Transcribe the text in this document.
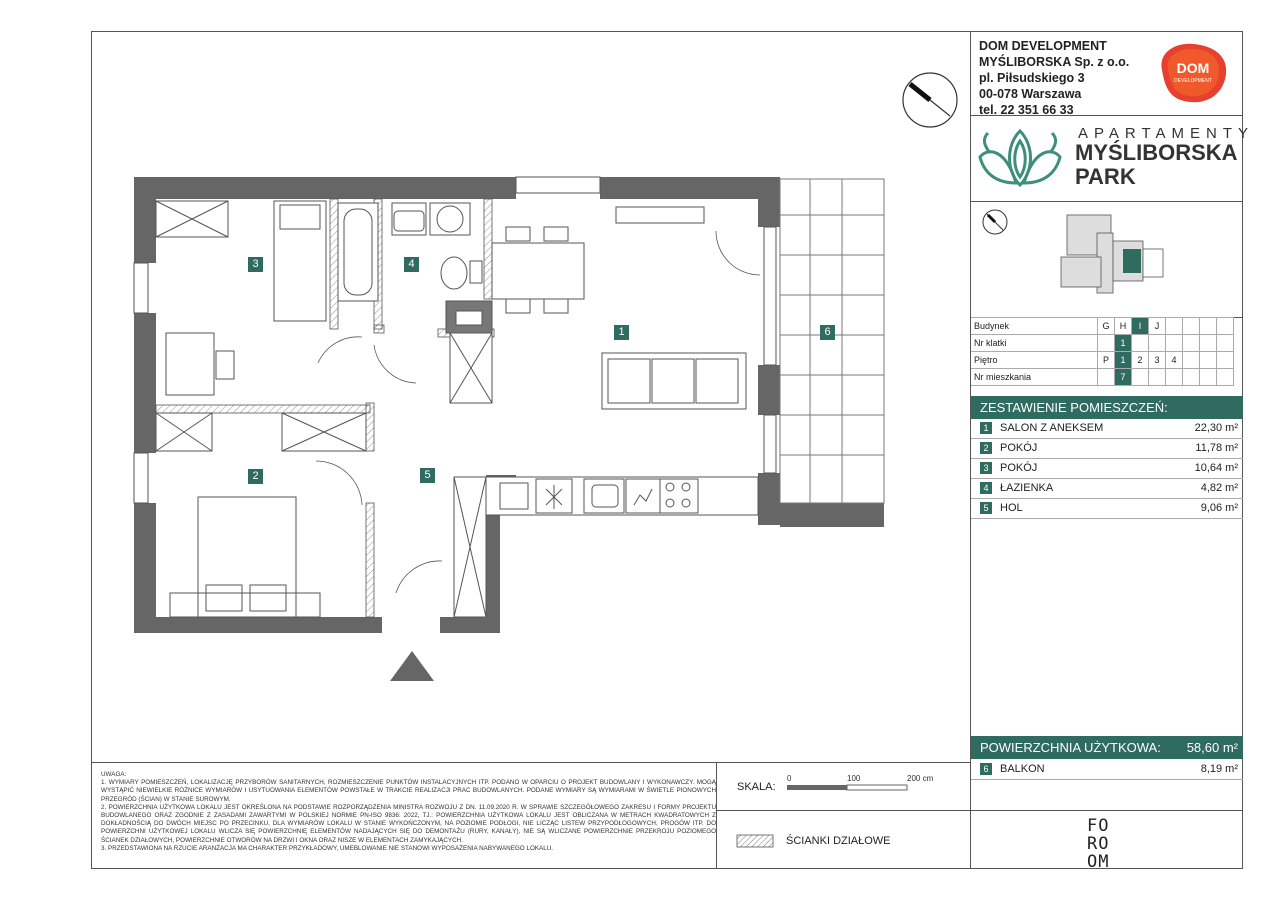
DOM DEVELOPMENT
MYŚLIBORSKA Sp. z o.o.
pl. Piłsudskiego 3
00-078 Warszawa
tel. 22 351 66 33
DOM
DEVELOPMENT
APARTAMENTY
MYŚLIBORSKA
PARK
Budynek	G	H	I	J				
Nr klatki		1						
Piętro	P	1	2	3	4			
Nr mieszkania		7						
ZESTAWIENIE POMIESZCZEŃ:
1	SALON Z ANEKSEM	22,30 m²
2	POKÓJ	11,78 m²
3	POKÓJ	10,64 m²
4	ŁAZIENKA	4,82 m²
5	HOL	9,06 m²
POWIERZCHNIA UŻYTKOWA: 58,60 m²
6	BALKON	8,19 m²

UWAGA:

1. WYMIARY POMIESZCZEŃ, LOKALIZACJĘ PRZYBORÓW SANITARNYCH, ROZMIESZCZENIE PUNKTÓW INSTALACYJNYCH ITP. PODANO W OPARCIU O PROJEKT BUDOWLANY I WYKONAWCZY. MOGĄ WYSTĄPIĆ NIEWIELKIE RÓŻNICE WYMIARÓW I USYTUOWANIA ELEMENTÓW POWSTAŁE W TRAKCIE REALIZACJI PRAC BUDOWLANYCH. PODANE WYMIARY SĄ WYMIARAMI W ŚWIETLE PIONOWYCH PRZEGRÓD (ŚCIAN) W STANIE SUROWYM.

2. POWIERZCHNIA UŻYTKOWA LOKALU JEST OKREŚLONA NA PODSTAWIE ROZPORZĄDZENIA MINISTRA ROZWOJU Z DN. 11.09.2020 R. W SPRAWIE SZCZEGÓŁOWEGO ZAKRESU I FORMY PROJEKTU BUDOWLANEGO ORAZ ZGODNIE Z ZASADAMI ZAWARTYMI W POLSKIEJ NORMIE PN-ISO 9836: 2022, TJ.: POWIERZCHNIA UŻYTKOWA LOKALU JEST OBLICZANA W METRACH KWADRATOWYCH Z DOKŁADNOŚCIĄ DO DWÓCH MIEJSC PO PRZECINKU, DLA WYMIARÓW LOKALU W STANIE WYKOŃCZONYM, NA POZIOMIE PODŁOGI, NIE LICZĄC LISTEW PRZYPODŁOGOWYCH, PROGÓW ITP. DO POWIERZCHNI UŻYTKOWEJ LOKALU WLICZA SIĘ POWIERZCHNIĘ ELEMENTÓW NADAJĄCYCH SIĘ DO DEMONTAŻU (RURY, KANAŁY), NIE SĄ WLICZANE POWIERZCHNIE PRZEKROJU POZIOMEGO ŚCIANEK DZIAŁOWYCH, POWIERZCHNIE OTWORÓW NA DRZWI I OKNA ORAZ NISZE W ELEMENTACH ZAMYKAJĄCYCH.

3. PRZEDSTAWIONA NA RZUCIE ARANŻACJA MA CHARAKTER PRZYKŁADOWY, UMEBLOWANIE NIE STANOWI WYPOSAŻENIA NABYWANEGO LOKALU.

SKALA:
0	100	200 cm
ŚCIANKI DZIAŁOWE
FO
RO
OM
1
2
3	4
5
6
